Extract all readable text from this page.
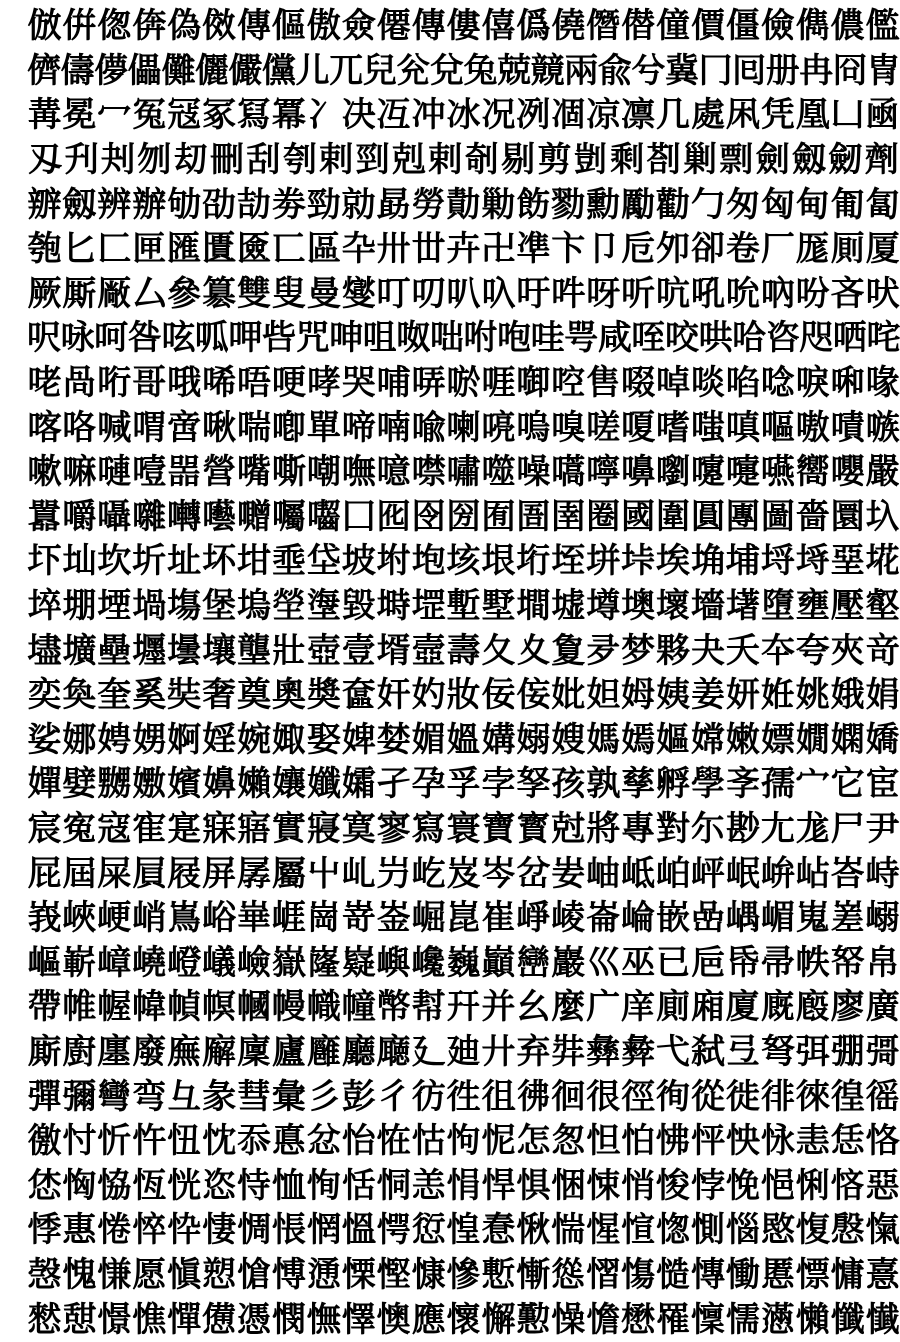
倣 倂 偬 倴 偽 傚 傳 傴 傲 僉 僊 傳 僂 僖 僞 僥 僭 僣 僮 價 僵 儉 儁 儂 儖
儕 儔 儚 儡 儺 儷 儼 儻 儿 兀 兒 兊 兌 兔 兢 竸 兩 兪 兮 冀 冂 囘 册 冉 冏 冑
冓 冕 冖 冤 冦 冢 冩 冪 冫 决 冱 冲 冰 况 冽 凅 凉 凛 几 處 凩 凭 凰 凵 凾
刄 刋 刔 刎 刧 刪 刮 刳 剌 剄 剋 剌 剞 剔 剪 剴 剩 剳 剿 剽 劍 劔 劒 劑
辧 劔 辨 辦 劬 劭 劼 劵 勁 勍 勗 勞 勣 勦 飭 勠 勳 勵 勸 勹 匆 匈 甸 匍 匐
匏 匕 匚 匣 匯 匱 匳 匸 區 卆 卅 丗 卉 卍 凖 卞 卩 卮 夘 卻 卷 厂 厖 厠 厦
厥 厮 厰 厶 參 簒 雙 叟 曼 燮 叮 叨 叭 叺 吁 吽 呀 听 吭 吼 吮 吶 吩 吝 吠
呎 咏 呵 咎 呟 呱 呷 呰 咒 呻 咀 呶 咄 咐 咆 哇 咢 咸 咥 咬 哄 哈 咨 咫 哂 咤
咾 咼 哘 哥 哦 唏 唔 哽 哮 哭 哺 哢 唹 啀 啣 啌 售 啜 啅 啖 啗 唸 唳 啝 喙
喀 咯 喊 喟 啻 啾 喘 喞 單 啼 喃 喩 喇 喨 嗚 嗅 嗟 嗄 嗜 嗤 嗔 嘔 嗷 嘖 嗾
嗽 嘛 嗹 噎 噐 營 嘴 嘶 嘲 嘸 噫 噤 嘯 噬 噪 嚆 嚀 嚊 嚠 嚔 嚏 嚥 嚮 嚶 嚴
囂 嚼 囁 囃 囀 囈 囎 囑 囓 囗 囮 囹 圀 囿 圄 圉 圈 國 圍 圓 團 圖 嗇 圜 圦
圷 圸 坎 圻 址 坏 坩 埀 垈 坡 坿 垉 垓 垠 垳 垤 垪 垰 埃 埆 埔 埒 埓 堊 埖
埣 堋 堙 堝 塲 堡 塢 塋 塰 毀 塒 堽 塹 墅 墹 墟 墫 墺 壞 墻 墸 墮 壅 壓 壑
壗 壙 壘 壥 壜 壤 壟 壯 壺 壹 壻 壼 壽 夂 夊 夐 夛 梦 夥 夬 夭 夲 夸 夾 竒
奕 奐 奎 奚 奘 奢 奠 奧 奬 奩 奸 妁 妝 佞 侫 妣 妲 姆 姨 姜 妍 姙 姚 娥 娟
娑 娜 娉 娚 婀 婬 婉 娵 娶 婢 婪 媚 媼 媾 嫋 嫂 媽 嫣 嫗 嫦 嫩 嫖 嫺 嫻 嬌
嬋 嬖 嬲 嫐 嬪 嬶 嬾 孃 孅 孀 孑 孕 孚 孛 孥 孩 孰 孳 孵 學 斈 孺 宀 它 宦
宸 寃 寇 寉 寔 寐 寤 實 寢 寞 寥 寫 寰 寶 寳 尅 將 專 對 尓 尠 尢 尨 尸 尹
屁 屆 屎 屓 屐 屏 孱 屬 屮 乢 屶 屹 岌 岑 岔 妛 岫 岻 岶 岼 岷 峅 岾 峇 峙
峩 峽 峺 峭 嶌 峪 崋 崕 崗 嵜 崟 崛 崑 崔 崢 崚 崙 崘 嵌 嵒 嵎 嵋 嵬 嵳 嵶
嶇 嶄 嶂 嶢 嶝 嶬 嶮 嶽 嶐 嶷 嶼 巉 巍 巓 巒 巖 巛 巫 已 巵 帋 帚 帙 帑 帛
帶 帷 幄 幃 幀 幎 幗 幔 幟 幢 幤 幇 幵 并 幺 麼 广 庠 廁 廂 廈 廐 廏 廖 廣
廝 廚 廛 廢 廡 廨 廩 廬 廱 廳 廰 廴 廸 廾 弃 弉 彝 彜 弋 弑 弖 弩 弭 弸 彁
彈 彌 彎 弯 彑 彖 彗 彙 彡 彭 彳 彷 徃 徂 彿 徊 很 徑 徇 從 徙 徘 徠 徨 徭
徼 忖 忻 忤 忸 忱 忝 悳 忿 怡 恠 怙 怐 怩 怎 怱 怛 怕 怫 怦 怏 怺 恚 恁 恪
恷 恟 恊 恆 恍 恣 恃 恤 恂 恬 恫 恙 悁 悍 惧 悃 悚 悄 悛 悖 悗 悒 悧 悋 惡
悸 惠 惓 悴 忰 悽 惆 悵 惘 慍 愕 愆 惶 惷 愀 惴 惺 愃 愡 惻 惱 愍 愎 慇 愾
愨 愧 慊 愿 愼 愬 愴 愽 慂 慄 慳 慷 慘 慙 慚 慫 慴 慯 慥 慱 慟 慝 慓 慵 憙
憖 憇 憬 憔 憚 憊 憑 憫 憮 懌 懊 應 懷 懈 懃 懆 憺 懋 罹 懍 懦 懣 懶 懺 懴
